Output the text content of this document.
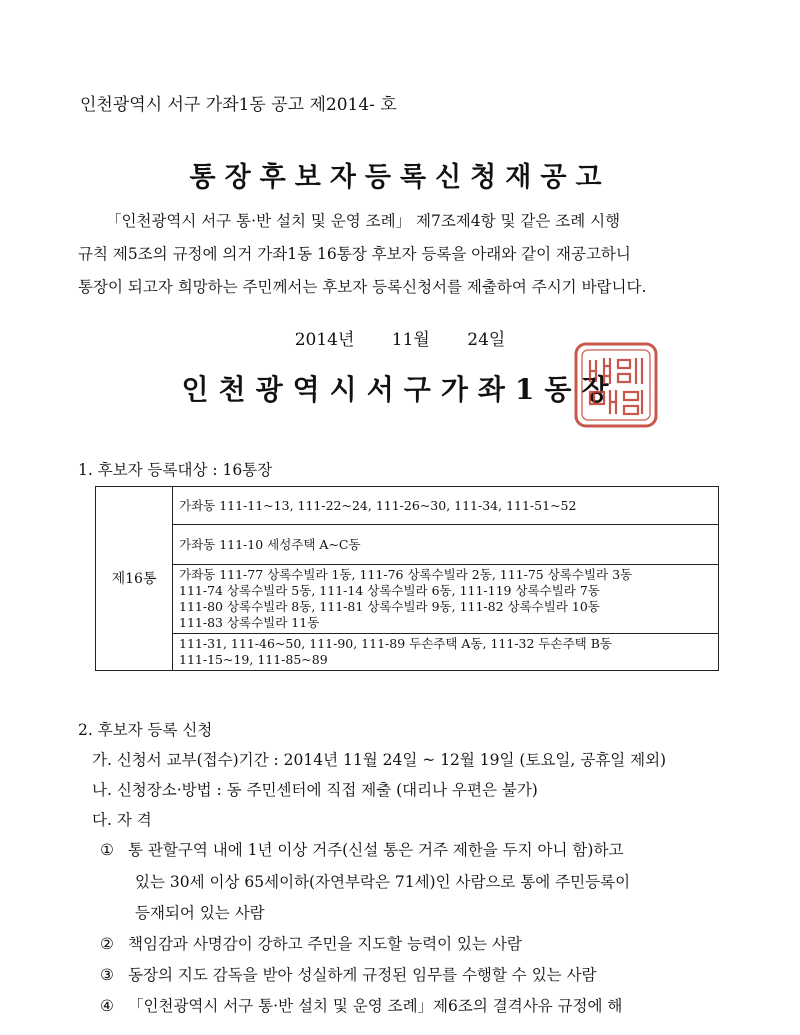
인천광역시 서구 가좌1동 공고 제2014- 호
통장후보자등록신청재공고

「인천광역시 서구 통·반 설치 및 운영 조례」 제7조제4항 및 같은 조례 시행

규칙 제5조의 규정에 의거 가좌1동 16통장 후보자 등록을 아래와 같이 재공고하니

통장이 되고자 희망하는 주민께서는 후보자 등록신청서를 제출하여 주시기 바랍니다.

2014년 11월 24일
인천광역시서구가좌1동장
1. 후보자 등록대상 : 16통장
제16통	
가좌동 111-11~13, 111-22~24, 111-26~30, 111-34, 111-51~52

가좌동 111-10 세성주택 A~C동

가좌동 111-77 상록수빌라 1동, 111-76 상록수빌라 2동, 111-75 상록수빌라 3동
111-74 상록수빌라 5동, 111-14 상록수빌라 6동, 111-119 상록수빌라 7동
111-80 상록수빌라 8동, 111-81 상록수빌라 9동, 111-82 상록수빌라 10동
111-83 상록수빌라 11동

111-31, 111-46~50, 111-90, 111-89 두손주택 A동, 111-32 두손주택 B동
111-15~19, 111-85~89
2. 후보자 등록 신청
가. 신청서 교부(접수)기간 : 2014년 11월 24일 ~ 12월 19일 (토요일, 공휴일 제외)
나. 신청장소·방법 : 동 주민센터에 직접 제출 (대리나 우편은 불가)
다. 자 격
① 통 관할구역 내에 1년 이상 거주(신설 통은 거주 제한을 두지 아니 함)하고
있는 30세 이상 65세이하(자연부락은 71세)인 사람으로 통에 주민등록이
등재되어 있는 사람
② 책임감과 사명감이 강하고 주민을 지도할 능력이 있는 사람
③ 동장의 지도 감독을 받아 성실하게 규정된 임무를 수행할 수 있는 사람
④ 「인천광역시 서구 통·반 설치 및 운영 조례」제6조의 결격사유 규정에 해
